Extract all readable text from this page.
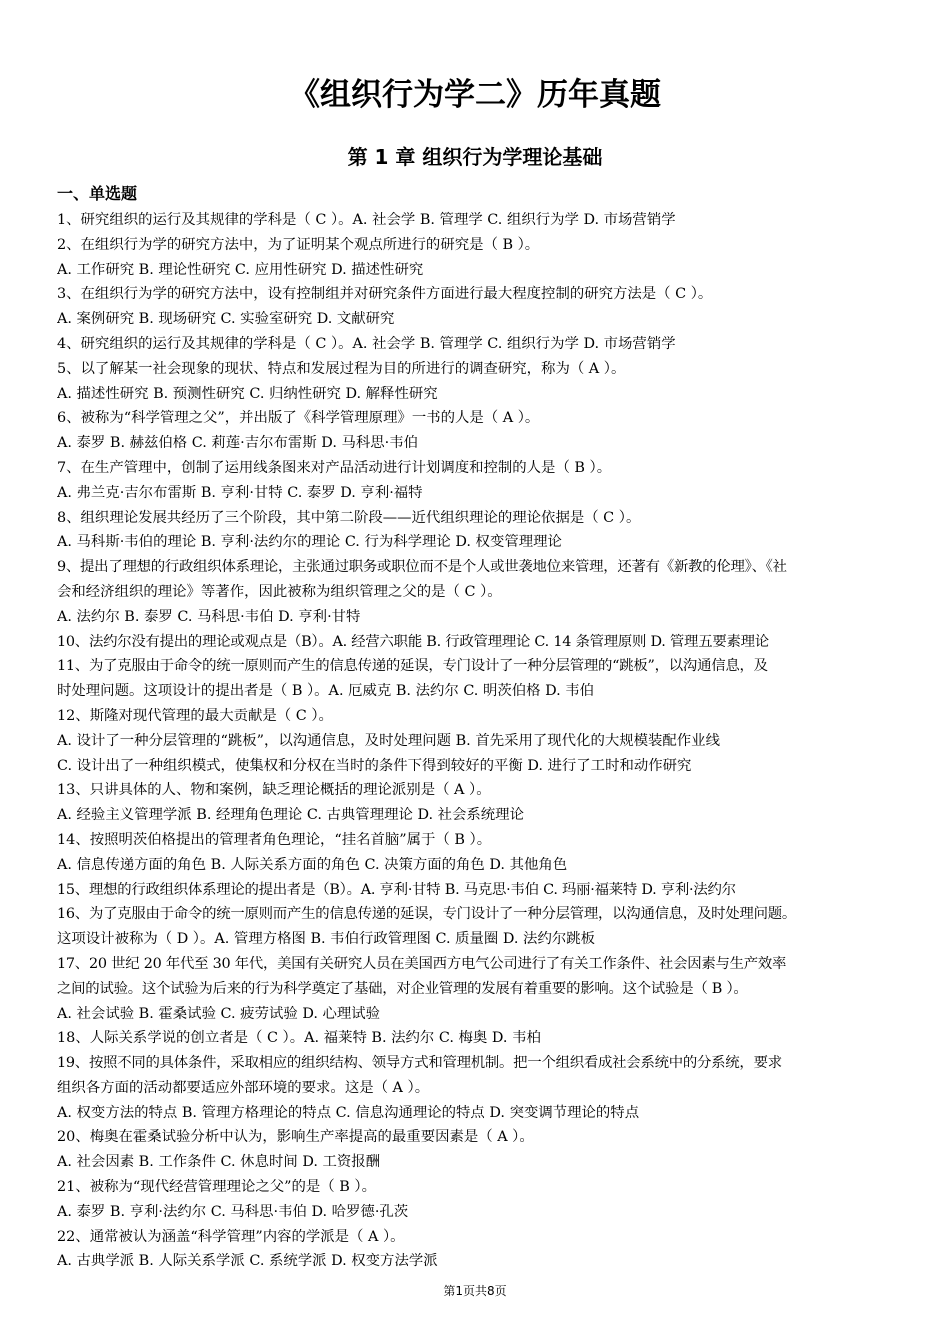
《组织行为学二》历年真题
第 1 章 组织行为学理论基础
一、单选题
1、研究组织的运行及其规律的学科是（ C ）。A. 社会学 B. 管理学 C. 组织行为学 D. 市场营销学
2、在组织行为学的研究方法中，为了证明某个观点所进行的研究是（ B ）。
A. 工作研究 B. 理论性研究 C. 应用性研究 D. 描述性研究
3、在组织行为学的研究方法中，设有控制组并对研究条件方面进行最大程度控制的研究方法是（ C ）。
A. 案例研究 B. 现场研究 C. 实验室研究 D. 文献研究
4、研究组织的运行及其规律的学科是（ C ）。A. 社会学 B. 管理学 C. 组织行为学 D. 市场营销学
5、以了解某一社会现象的现状、特点和发展过程为目的所进行的调查研究，称为（ A ）。
A. 描述性研究 B. 预测性研究 C. 归纳性研究 D. 解释性研究
6、被称为“科学管理之父”，并出版了《科学管理原理》一书的人是（ A ）。
A. 泰罗 B. 赫兹伯格 C. 莉莲·吉尔布雷斯 D. 马科思·韦伯
7、在生产管理中，创制了运用线条图来对产品活动进行计划调度和控制的人是（ B ）。
A. 弗兰克·吉尔布雷斯 B. 亨利·甘特 C. 泰罗 D. 亨利·福特
8、组织理论发展共经历了三个阶段，其中第二阶段——近代组织理论的理论依据是（ C ）。
A. 马科斯·韦伯的理论 B. 亨利·法约尔的理论 C. 行为科学理论 D. 权变管理理论
9、提出了理想的行政组织体系理论，主张通过职务或职位而不是个人或世袭地位来管理，还著有《新教的伦理》、《社
会和经济组织的理论》等著作，因此被称为组织管理之父的是（ C ）。
A. 法约尔 B. 泰罗 C. 马科思·韦伯 D. 亨利·甘特
10、法约尔没有提出的理论或观点是（B）。A. 经营六职能 B. 行政管理理论 C. 14 条管理原则 D. 管理五要素理论
11、为了克服由于命令的统一原则而产生的信息传递的延误，专门设计了一种分层管理的“跳板”，以沟通信息，及
时处理问题。这项设计的提出者是（ B ）。A. 厄威克 B. 法约尔 C. 明茨伯格 D. 韦伯
12、斯隆对现代管理的最大贡献是（ C ）。
A. 设计了一种分层管理的“跳板”，以沟通信息，及时处理问题 B. 首先采用了现代化的大规模装配作业线
C. 设计出了一种组织模式，使集权和分权在当时的条件下得到较好的平衡 D. 进行了工时和动作研究
13、只讲具体的人、物和案例，缺乏理论概括的理论派别是（ A ）。
A. 经验主义管理学派 B. 经理角色理论 C. 古典管理理论 D. 社会系统理论
14、按照明茨伯格提出的管理者角色理论，“挂名首脑”属于（ B ）。
A. 信息传递方面的角色 B. 人际关系方面的角色 C. 决策方面的角色 D. 其他角色
15、理想的行政组织体系理论的提出者是（B）。A. 亨利·甘特 B. 马克思·韦伯 C. 玛丽·福莱特 D. 亨利·法约尔
16、为了克服由于命令的统一原则而产生的信息传递的延误，专门设计了一种分层管理，以沟通信息，及时处理问题。
这项设计被称为（ D ）。A. 管理方格图 B. 韦伯行政管理图 C. 质量圈 D. 法约尔跳板
17、20 世纪 20 年代至 30 年代，美国有关研究人员在美国西方电气公司进行了有关工作条件、社会因素与生产效率
之间的试验。这个试验为后来的行为科学奠定了基础，对企业管理的发展有着重要的影响。这个试验是（ B ）。
A. 社会试验 B. 霍桑试验 C. 疲劳试验 D. 心理试验
18、人际关系学说的创立者是（ C ）。A. 福莱特 B. 法约尔 C. 梅奥 D. 韦柏
19、按照不同的具体条件，采取相应的组织结构、领导方式和管理机制。把一个组织看成社会系统中的分系统，要求
组织各方面的活动都要适应外部环境的要求。这是（ A ）。
A. 权变方法的特点 B. 管理方格理论的特点 C. 信息沟通理论的特点 D. 突变调节理论的特点
20、梅奥在霍桑试验分析中认为，影响生产率提高的最重要因素是（ A ）。
A. 社会因素 B. 工作条件 C. 休息时间 D. 工资报酬
21、被称为“现代经营管理理论之父”的是（ B ）。
A. 泰罗 B. 亨利·法约尔 C. 马科思·韦伯 D. 哈罗德·孔茨
22、通常被认为涵盖“科学管理”内容的学派是（ A ）。
A. 古典学派 B. 人际关系学派 C. 系统学派 D. 权变方法学派
第1页共8页
